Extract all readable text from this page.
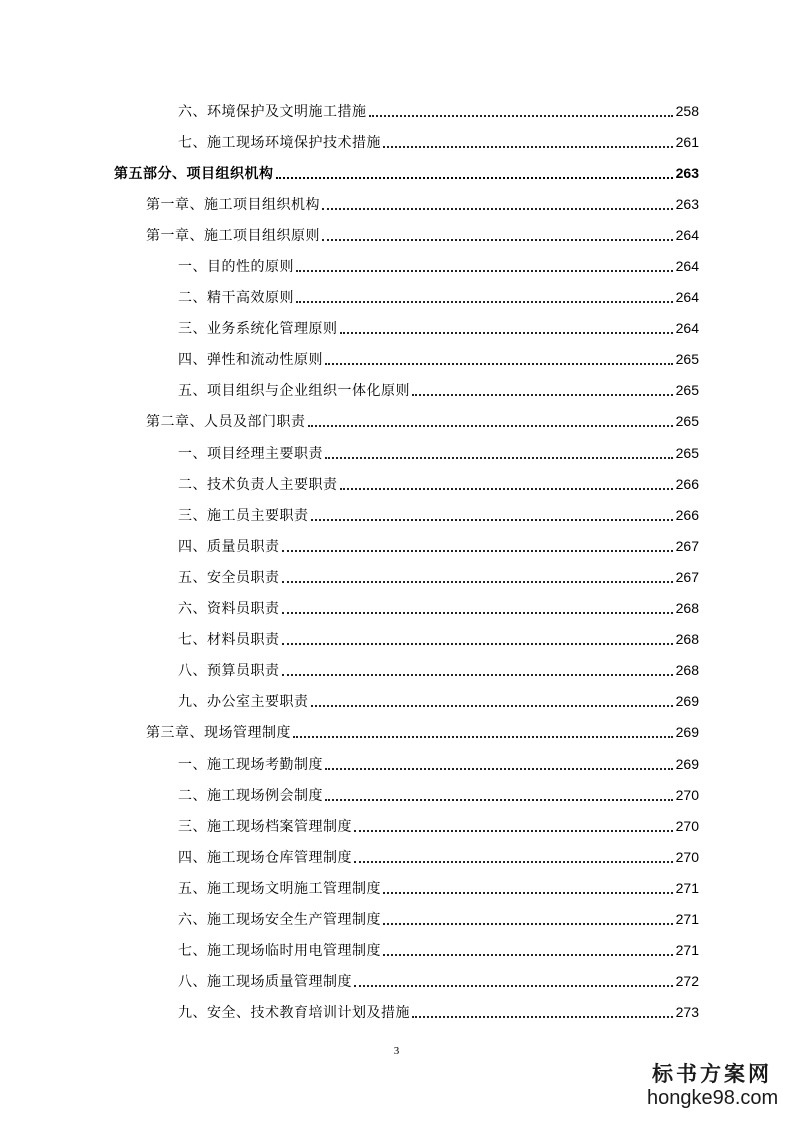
六、环境保护及文明施工措施	258
七、施工现场环境保护技术措施	261
第五部分、项目组织机构	263
第一章、施工项目组织机构	263
第一章、施工项目组织原则	264
一、目的性的原则	264
二、精干高效原则	264
三、业务系统化管理原则	264
四、弹性和流动性原则	265
五、项目组织与企业组织一体化原则	265
第二章、人员及部门职责	265
一、项目经理主要职责	265
二、技术负责人主要职责	266
三、施工员主要职责	266
四、质量员职责	267
五、安全员职责	267
六、资料员职责	268
七、材料员职责	268
八、预算员职责	268
九、办公室主要职责	269
第三章、现场管理制度	269
一、施工现场考勤制度	269
二、施工现场例会制度	270
三、施工现场档案管理制度	270
四、施工现场仓库管理制度	270
五、施工现场文明施工管理制度	271
六、施工现场安全生产管理制度	271
七、施工现场临时用电管理制度	271
八、施工现场质量管理制度	272
九、安全、技术教育培训计划及措施	273
3
标书方案网
hongke98.com
